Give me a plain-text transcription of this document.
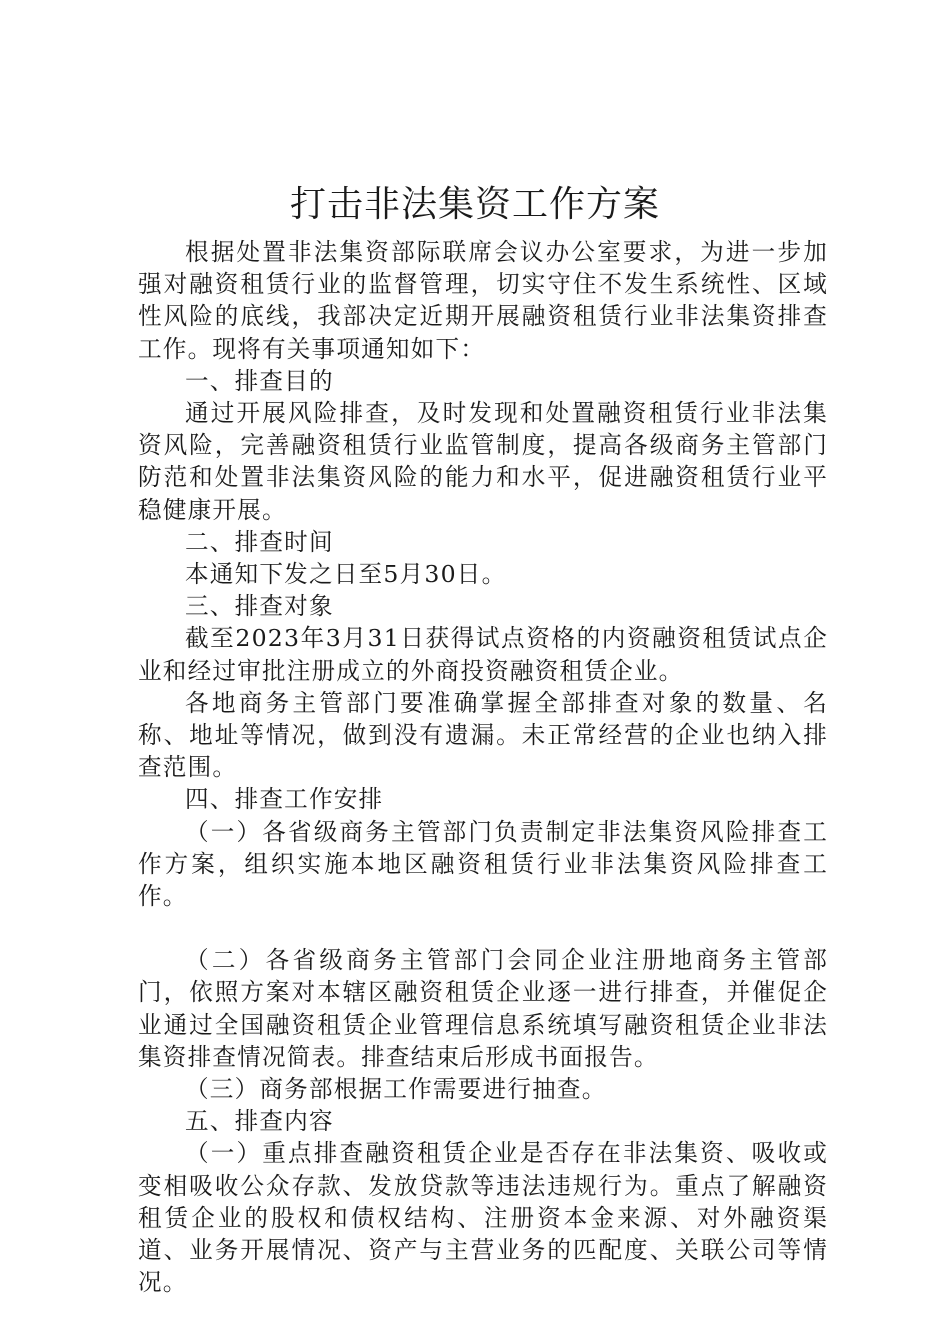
打击非法集资工作方案

根据处置非法集资部际联席会议办公室要求，为进一步加强对融资租赁行业的监督管理，切实守住不发生系统性、区域性风险的底线，我部决定近期开展融资租赁行业非法集资排查工作。现将有关事项通知如下：

一、排查目的

通过开展风险排查，及时发现和处置融资租赁行业非法集资风险，完善融资租赁行业监管制度，提高各级商务主管部门防范和处置非法集资风险的能力和水平，促进融资租赁行业平稳健康开展。

二、排查时间

本通知下发之日至5月30日。

三、排查对象

截至2023年3月31日获得试点资格的内资融资租赁试点企业和经过审批注册成立的外商投资融资租赁企业。

各地商务主管部门要准确掌握全部排查对象的数量、名称、地址等情况，做到没有遗漏。未正常经营的企业也纳入排查范围。

四、排查工作安排

（一）各省级商务主管部门负责制定非法集资风险排查工作方案，组织实施本地区融资租赁行业非法集资风险排查工作。

（二）各省级商务主管部门会同企业注册地商务主管部门，依照方案对本辖区融资租赁企业逐一进行排查，并催促企业通过全国融资租赁企业管理信息系统填写融资租赁企业非法集资排查情况简表。排查结束后形成书面报告。

（三）商务部根据工作需要进行抽查。

五、排查内容

（一）重点排查融资租赁企业是否存在非法集资、吸收或变相吸收公众存款、发放贷款等违法违规行为。重点了解融资租赁企业的股权和债权结构、注册资本金来源、对外融资渠道、业务开展情况、资产与主营业务的匹配度、关联公司等情况。
